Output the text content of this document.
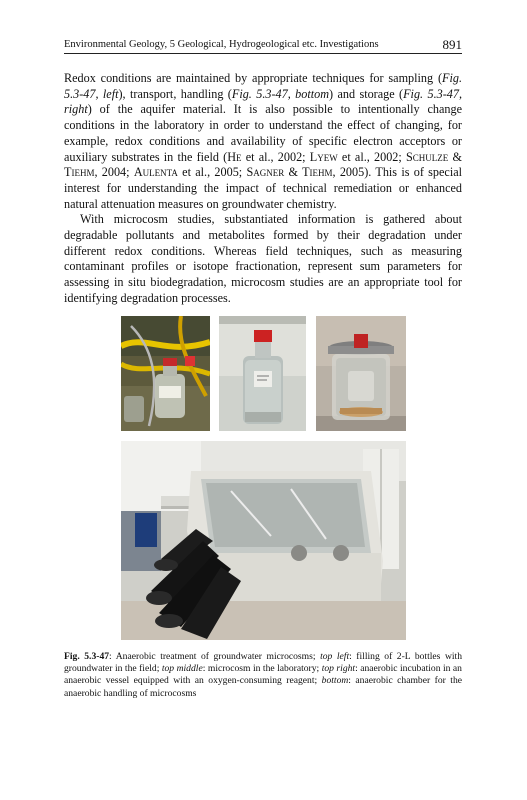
Environmental Geology, 5 Geological, Hydrogeological etc. Investigations	891

Redox conditions are maintained by appropriate techniques for sampling (Fig. 5.3-47, left), transport, handling (Fig. 5.3-47, bottom) and storage (Fig. 5.3-47, right) of the aquifer material. It is also possible to intentionally change conditions in the laboratory in order to understand the effect of changing, for example, redox conditions and availability of specific electron acceptors or auxiliary substrates in the field (He et al., 2002; Lyew et al., 2002; Schulze & Tiehm, 2004; Aulenta et al., 2005; Sagner & Tiehm, 2005). This is of special interest for understanding the impact of technical remediation or enhanced natural attenuation measures on groundwater chemistry.

With microcosm studies, substantiated information is gathered about degradable pollutants and metabolites formed by their degradation under different redox conditions. Whereas field techniques, such as measuring contaminant profiles or isotope fractionation, represent sum parameters for assessing in situ biodegradation, microcosm studies are an appropriate tool for identifying degradation processes.

Fig. 5.3-47: Anaerobic treatment of groundwater microcosms; top left: filling of 2-L bottles with groundwater in the field; top middle: microcosm in the laboratory; top right: anaerobic incubation in an anaerobic vessel equipped with an oxygen-consuming reagent; bottom: anaerobic chamber for the anaerobic handling of microcosms
